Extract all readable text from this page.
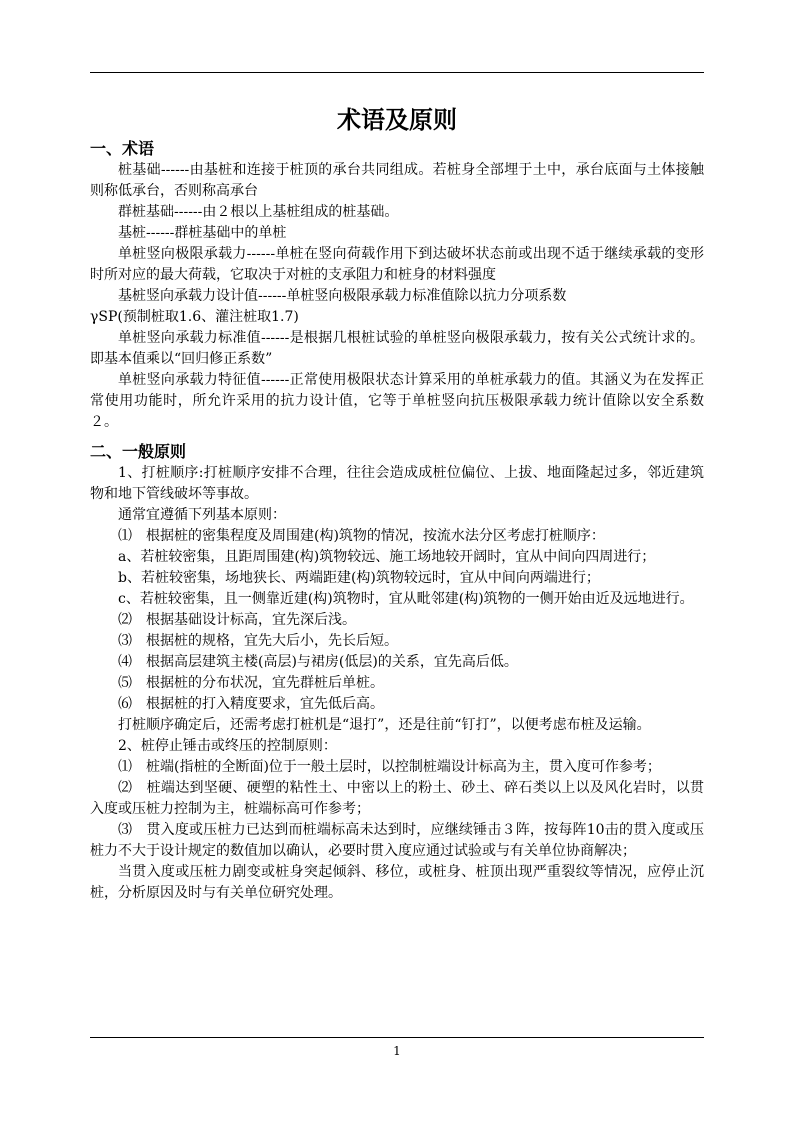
术语及原则
一、术语

桩基础------由基桩和连接于桩顶的承台共同组成。若桩身全部埋于土中，承台底面与土体接触则称低承台，否则称高承台

群桩基础------由２根以上基桩组成的桩基础。

基桩------群桩基础中的单桩

单桩竖向极限承载力------单桩在竖向荷载作用下到达破坏状态前或出现不适于继续承载的变形时所对应的最大荷载，它取决于对桩的支承阻力和桩身的材料强度

基桩竖向承载力设计值------单桩竖向极限承载力标准值除以抗力分项系数

γSP(预制桩取1.6、灌注桩取1.7)

单桩竖向承载力标准值------是根据几根桩试验的单桩竖向极限承载力，按有关公式统计求的。即基本值乘以“回归修正系数”

单桩竖向承载力特征值------正常使用极限状态计算采用的单桩承载力的值。其涵义为在发挥正常使用功能时，所允许采用的抗力设计值，它等于单桩竖向抗压极限承载力统计值除以安全系数２。

二、一般原则

1、打桩顺序:打桩顺序安排不合理，往往会造成成桩位偏位、上拔、地面隆起过多，邻近建筑物和地下管线破坏等事故。

通常宜遵循下列基本原则：

⑴　根据桩的密集程度及周围建(构)筑物的情况，按流水法分区考虑打桩顺序：

a、若桩较密集，且距周围建(构)筑物较远、施工场地较开阔时，宜从中间向四周进行；

b、若桩较密集，场地狭长、两端距建(构)筑物较远时，宜从中间向两端进行；

c、若桩较密集，且一侧靠近建(构)筑物时，宜从毗邻建(构)筑物的一侧开始由近及远地进行。

⑵　根据基础设计标高，宜先深后浅。

⑶　根据桩的规格，宜先大后小，先长后短。

⑷　根据高层建筑主楼(高层)与裙房(低层)的关系，宜先高后低。

⑸　根据桩的分布状况，宜先群桩后单桩。

⑹　根据桩的打入精度要求，宜先低后高。

打桩顺序确定后，还需考虑打桩机是“退打”，还是往前“钉打”，以便考虑布桩及运输。

2、桩停止锤击或终压的控制原则：

⑴　桩端(指桩的全断面)位于一般土层时，以控制桩端设计标高为主，贯入度可作参考；

⑵　桩端达到坚硬、硬塑的粘性土、中密以上的粉土、砂土、碎石类以上以及风化岩时，以贯入度或压桩力控制为主，桩端标高可作参考；

⑶　贯入度或压桩力已达到而桩端标高未达到时，应继续锤击３阵，按每阵10击的贯入度或压桩力不大于设计规定的数值加以确认，必要时贯入度应通过试验或与有关单位协商解决；

当贯入度或压桩力剧变或桩身突起倾斜、移位，或桩身、桩顶出现严重裂纹等情况，应停止沉桩，分析原因及时与有关单位研究处理。

1
